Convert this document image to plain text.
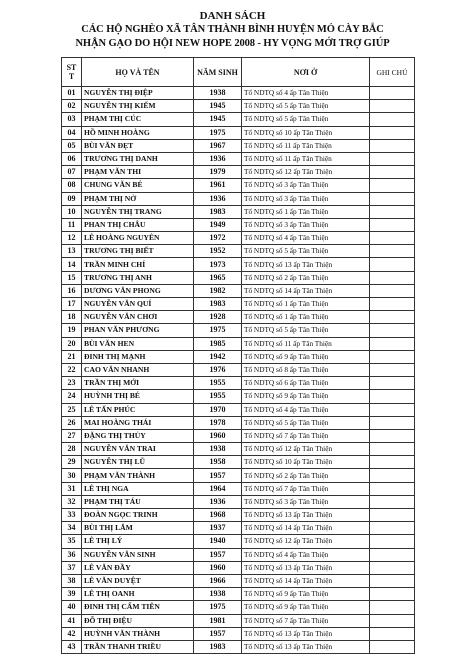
DANH SÁCH
CÁC HỘ NGHÈO XÃ TÂN THÀNH BÌNH HUYỆN MỎ CÀY BẮC
NHẬN GẠO DO HỘI NEW HOPE 2008 - HY VỌNG MỚI TRỢ GIÚP
ST T	HỌ VÀ TÊN	NĂM SINH	NƠI Ở	GHI CHÚ
01	NGUYỄN THỊ ĐIỆP	1938	Tổ NDTQ số 4 ấp Tân Thiện	
02	NGUYỄN THỊ KIẾM	1945	Tổ NDTQ số 5 ấp Tân Thiện	
03	PHẠM THỊ CÚC	1945	Tổ NDTQ số 5 ấp Tân Thiện	
04	HỒ MINH HOÀNG	1975	Tổ NDTQ số 10 ấp Tân Thiện	
05	BÙI VĂN ĐẸT	1967	Tổ NDTQ số 11 ấp Tân Thiện	
06	TRƯƠNG THỊ DANH	1936	Tổ NDTQ số 11 ấp Tân Thiện	
07	PHẠM VĂN THI	1979	Tổ NDTQ số 12 ấp Tân Thiện	
08	CHUNG VĂN BÉ	1961	Tổ NDTQ số 3 ấp Tân Thiện	
09	PHẠM THỊ NỞ	1936	Tổ NDTQ số 3 ấp Tân Thiện	
10	NGUYỄN THỊ TRANG	1983	Tổ NDTQ số 1 ấp Tân Thiện	
11	PHAN THỊ CHÂU	1949	Tổ NDTQ số 3 ấp Tân Thiện	
12	LÊ HOÀNG NGUYÊN	1972	Tổ NDTQ số 4 ấp Tân Thiện	
13	TRƯƠNG THỊ BIẾT	1952	Tổ NDTQ số 5 ấp Tân Thiện	
14	TRẦN MINH CHÍ	1973	Tổ NDTQ số 13 ấp Tân Thiện	
15	TRƯƠNG THỊ ANH	1965	Tổ NDTQ số 2 ấp Tân Thiện	
16	DƯƠNG VĂN PHONG	1982	Tổ NDTQ số 14 ấp Tân Thiện	
17	NGUYỄN VĂN QUÍ	1983	Tổ NDTQ số 1 ấp Tân Thiện	
18	NGUYỄN VĂN CHƠI	1928	Tổ NDTQ số 1 ấp Tân Thiện	
19	PHAN VĂN PHƯƠNG	1975	Tổ NDTQ số 5 ấp Tân Thiện	
20	BÙI VĂN HEN	1985	Tổ NDTQ số 11 ấp Tân Thiện	
21	ĐINH THỊ MẠNH	1942	Tổ NDTQ số 9 ấp Tân Thiện	
22	CAO VĂN NHANH	1976	Tổ NDTQ số 8 ấp Tân Thiện	
23	TRẦN THỊ MỚI	1955	Tổ NDTQ số 6 ấp Tân Thiện	
24	HUỲNH THỊ BÉ	1955	Tổ NDTQ số 9 ấp Tân Thiện	
25	LÊ TẤN PHÚC	1970	Tổ NDTQ số 4 ấp Tân Thiện	
26	MAI HOÀNG THÁI	1978	Tổ NDTQ số 5 ấp Tân Thiện	
27	ĐẶNG THỊ THỦY	1960	Tổ NDTQ số 7 ấp Tân Thiện	
28	NGUYỄN VĂN TRAI	1938	Tổ NDTQ số 12 ấp Tân Thiện	
29	NGUYỄN THỊ LŨ	1958	Tổ NDTQ số 10 ấp Tân Thiện	
30	PHẠM VĂN THÀNH	1957	Tổ NDTQ số 2 ấp Tân Thiện	
31	LÊ THỊ NGA	1964	Tổ NDTQ số 7 ấp Tân Thiện	
32	PHẠM THỊ TÁU	1936	Tổ NDTQ số 3 ấp Tân Thiện	
33	ĐOÀN NGỌC TRINH	1968	Tổ NDTQ số 13 ấp Tân Thiện	
34	BÙI THỊ LẮM	1937	Tổ NDTQ số 14 ấp Tân Thiện	
35	LÊ THỊ LÝ	1940	Tổ NDTQ số 12 ấp Tân Thiện	
36	NGUYỄN VĂN SINH	1957	Tổ NDTQ số 4 ấp Tân Thiện	
37	LÊ VĂN ĐẦY	1960	Tổ NDTQ số 13 ấp Tân Thiện	
38	LÊ VĂN DUYỆT	1966	Tổ NDTQ số 14 ấp Tân Thiện	
39	LÊ THỊ OANH	1938	Tổ NDTQ số 9 ấp Tân Thiện	
40	ĐINH THỊ CẨM TIÊN	1975	Tổ NDTQ số 9 ấp Tân Thiện	
41	ĐỖ THỊ ĐIỆU	1981	Tổ NDTQ số 7 ấp Tân Thiện	
42	HUỲNH VĂN THÀNH	1957	Tổ NDTQ số 13 ấp Tân Thiện	
43	TRẦN THANH TRIỀU	1983	Tổ NDTQ số 13 ấp Tân Thiện	
